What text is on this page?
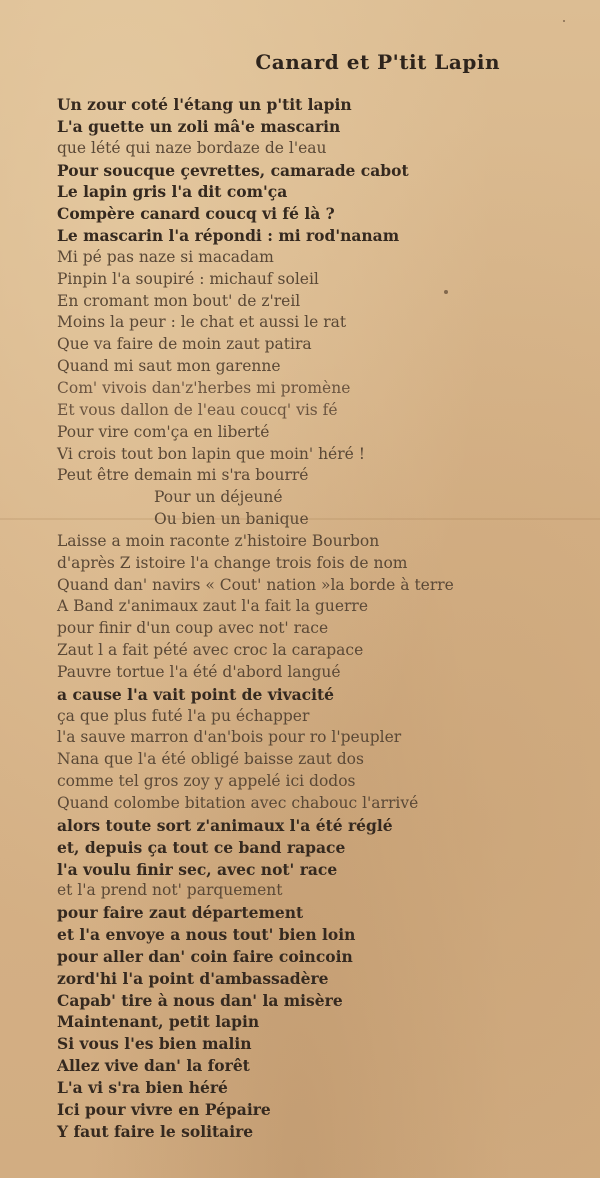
Canard et P'tit Lapin
Un zour coté l'étang un p'tit lapin
L'a guette un zoli mâ'e mascarin
que lété qui naze bordaze de l'eau
Pour soucque çevrettes, camarade cabot
Le lapin gris l'a dit com'ça
Compère canard coucq vi fé là ?
Le mascarin l'a répondi : mi rod'nanam
Mi pé pas naze si macadam
Pinpin l'a soupiré : michauf soleil
En cromant mon bout' de z'reil
Moins la peur : le chat et aussi le rat
Que va faire de moin zaut patira
Quand mi saut mon garenne
Com' vivois dan'z'herbes mi promène
Et vous dallon de l'eau coucq' vis fé
Pour vire com'ça en liberté
Vi crois tout bon lapin que moin' héré !
Peut être demain mi s'ra bourré
Pour un déjeuné
Ou bien un banique
Laisse a moin raconte z'histoire Bourbon
d'après Z istoire l'a change trois fois de nom
Quand dan' navirs « Cout' nation »la borde à terre
A Band z'animaux zaut l'a fait la guerre
pour finir d'un coup avec not' race
Zaut l a fait pété avec croc la carapace
Pauvre tortue l'a été d'abord langué
a cause l'a vait point de vivacité
ça que plus futé l'a pu échapper
l'a sauve marron d'an'bois pour ro l'peupler
Nana que l'a été obligé baisse zaut dos
comme tel gros zoy y appelé ici dodos
Quand colombe bitation avec chabouc l'arrivé
alors toute sort z'animaux l'a été réglé
et, depuis ça tout ce band rapace
l'a voulu finir sec, avec not' race
et l'a prend not' parquement
pour faire zaut département
et l'a envoye a nous tout' bien loin
pour aller dan' coin faire coincoin
zord'hi l'a point d'ambassadère
Capab' tire à nous dan' la misère
Maintenant, petit lapin
Si vous l'es bien malin
Allez vive dan' la forêt
L'a vi s'ra bien héré
Ici pour vivre en Pépaire
Y faut faire le solitaire
